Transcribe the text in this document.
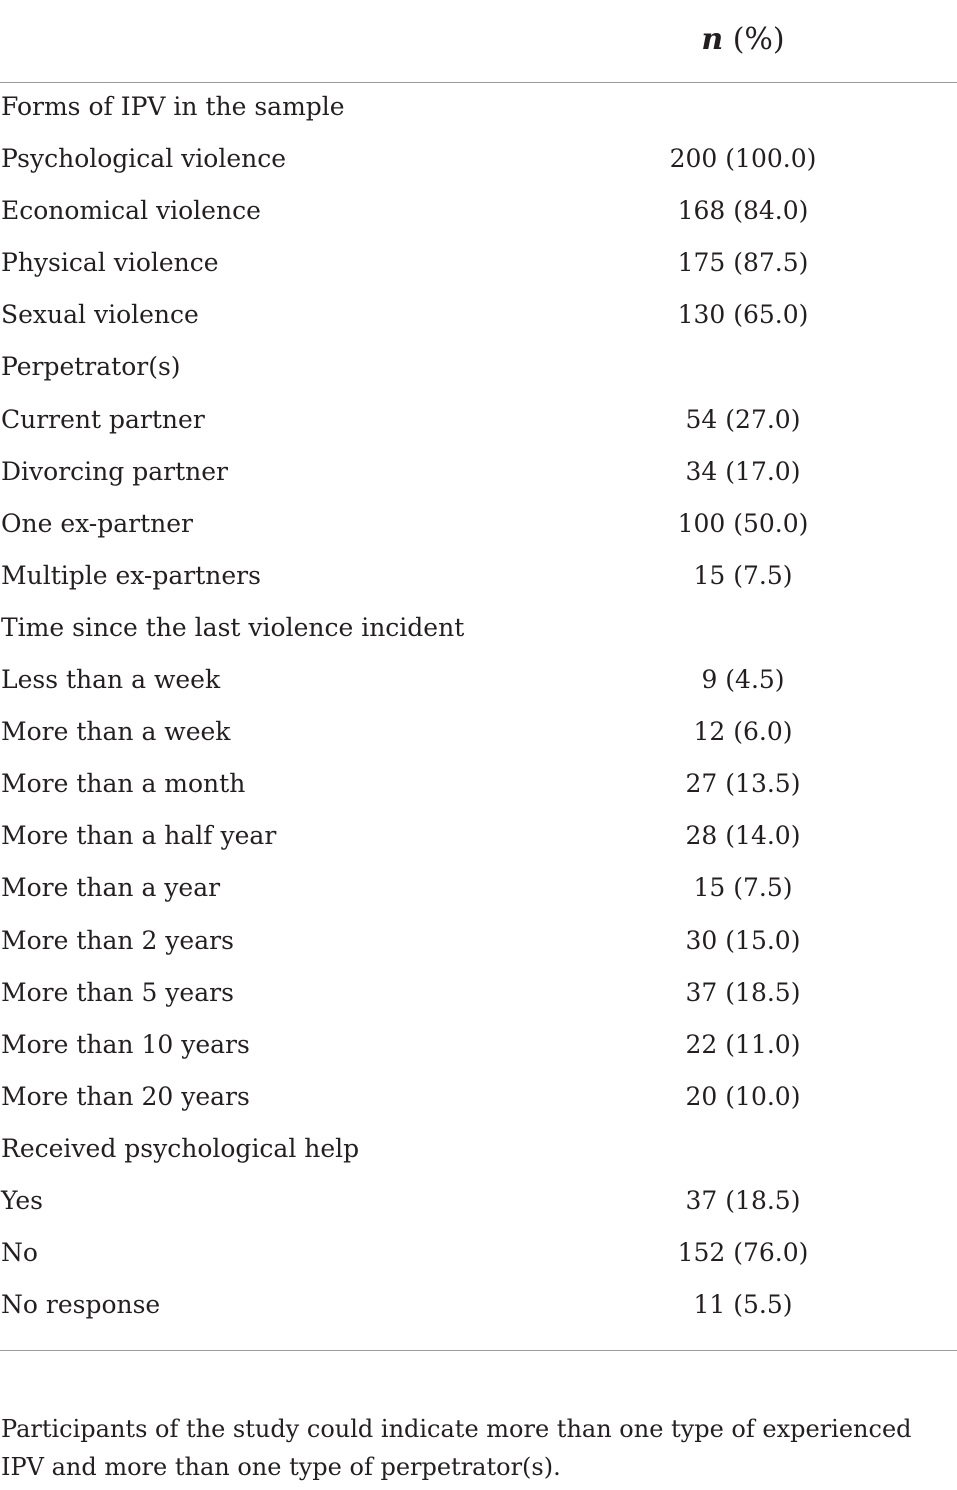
n (%)
Forms of IPV in the sample
Psychological violence	200 (100.0)
Economical violence	168 (84.0)
Physical violence	175 (87.5)
Sexual violence	130 (65.0)
Perpetrator(s)
Current partner	54 (27.0)
Divorcing partner	34 (17.0)
One ex-partner	100 (50.0)
Multiple ex-partners	15 (7.5)
Time since the last violence incident
Less than a week	9 (4.5)
More than a week	12 (6.0)
More than a month	27 (13.5)
More than a half year	28 (14.0)
More than a year	15 (7.5)
More than 2 years	30 (15.0)
More than 5 years	37 (18.5)
More than 10 years	22 (11.0)
More than 20 years	20 (10.0)
Received psychological help
Yes	37 (18.5)
No	152 (76.0)
No response	11 (5.5)
Participants of the study could indicate more than one type of experienced IPV and more than one type of perpetrator(s).
